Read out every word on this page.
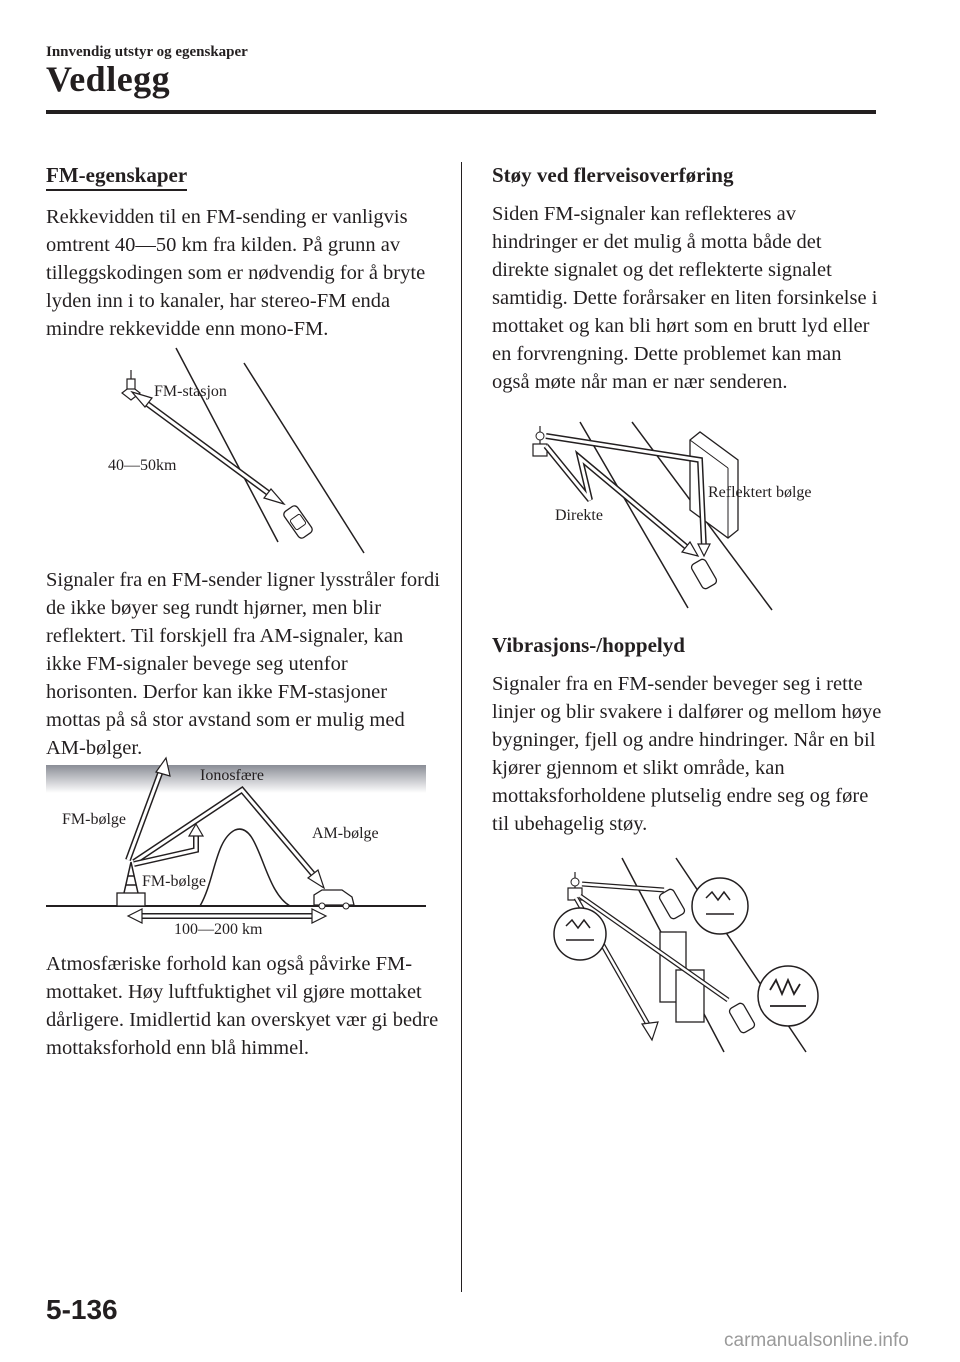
Innvendig utstyr og egenskaper
Vedlegg
FM-egenskaper

Rekkevidden til en FM-sending er vanligvis omtrent 40―50 km fra kilden. På grunn av tilleggskodingen som er nødvendig for å bryte lyden inn i to kanaler, har stereo-FM enda mindre rekkevidde enn mono-FM.

FM-stasjon
40―50km

Signaler fra en FM-sender ligner lysstråler fordi de ikke bøyer seg rundt hjørner, men blir reflektert. Til forskjell fra AM-signaler, kan ikke FM-signaler bevege seg utenfor horisonten. Derfor kan ikke FM-stasjoner mottas på så stor avstand som er mulig med AM-bølger.

Ionosfære
FM-bølge
AM-bølge
FM-bølge
100―200 km

Atmosfæriske forhold kan også påvirke FM-mottaket. Høy luftfuktighet vil gjøre mottaket dårligere. Imidlertid kan overskyet vær gi bedre mottaksforhold enn blå himmel.

Støy ved flerveisoverføring

Siden FM-signaler kan reflekteres av hindringer er det mulig å motta både det direkte signalet og det reflekterte signalet samtidig. Dette forårsaker en liten forsinkelse i mottaket og kan bli hørt som en brutt lyd eller en forvrengning. Dette problemet kan man også møte når man er nær senderen.

Reflektert bølge
Direkte
Vibrasjons-/hoppelyd

Signaler fra en FM-sender beveger seg i rette linjer og blir svakere i dalfører og mellom høye bygninger, fjell og andre hindringer. Når en bil kjører gjennom et slikt område, kan mottaksforholdene plutselig endre seg og føre til ubehagelig støy.

5-136
carmanualsonline.info
